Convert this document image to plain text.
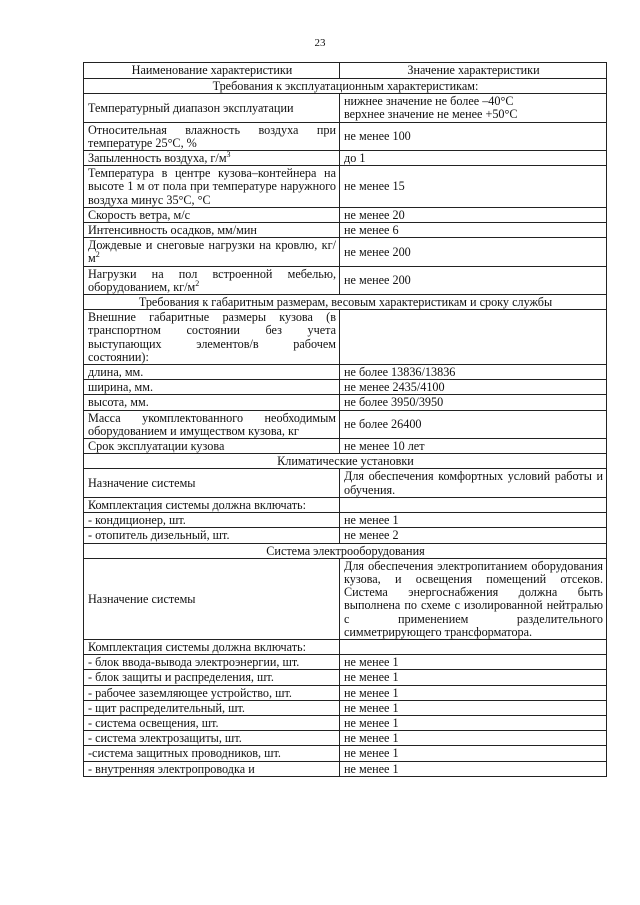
23
Наименование характеристики	Значение характеристики
Требования к эксплуатационным характеристикам:	
Температурный диапазон эксплуатации	нижнее значение не более –40°С
верхнее значение не менее +50°С

Относительная влажность воздуха при температуре 25°С, %	не менее 100
Запыленность воздуха, $г/м^3$	до 1
Температура в центре кузова–контейнера на высоте 1 м от пола при температуре наружного воздуха минус 35°С, °С	не менее 15
Скорость ветра, м/с	не менее 20
Интенсивность осадков, мм/мин	не менее 6
Дождевые и снеговые нагрузки на кровлю, $кг/м^2$	не менее 200
Нагрузки на пол встроенной мебелью, оборудованием, $кг/м^2$	не менее 200
Требования к габаритным размерам, весовым характеристикам и сроку службы	
Внешние габаритные размеры кузова (в транспортном состоянии без учета выступающих элементов/в рабочем состоянии):	
длина, мм.	не более 13836/13836
ширина, мм.	не менее 2435/4100
высота, мм.	не более 3950/3950
Масса укомплектованного необходимым оборудованием и имуществом кузова, кг	не более 26400
Срок эксплуатации кузова	не менее 10 лет
Климатические установки	
Назначение системы	Для обеспечения комфортных условий работы и обучения.
Комплектация системы должна включать:	
- кондиционер, шт.	не менее 1
- отопитель дизельный, шт.	не менее 2
Система электрооборудования	
Назначение системы	Для обеспечения электропитанием оборудования кузова, и освещения помещений отсеков. Система энергоснабжения должна быть выполнена по схеме с изолированной нейтралью с применением разделительного симметрирующего трансформатора.
Комплектация системы должна включать:	
- блок ввода-вывода электроэнергии, шт.	не менее 1
- блок защиты и распределения, шт.	не менее 1
- рабочее заземляющее устройство, шт.	не менее 1
- щит распределительный, шт.	не менее 1
- система освещения, шт.	не менее 1
- система электрозащиты, шт.	не менее 1
-система защитных проводников, шт.	не менее 1
- внутренняя электропроводка и	не менее 1
